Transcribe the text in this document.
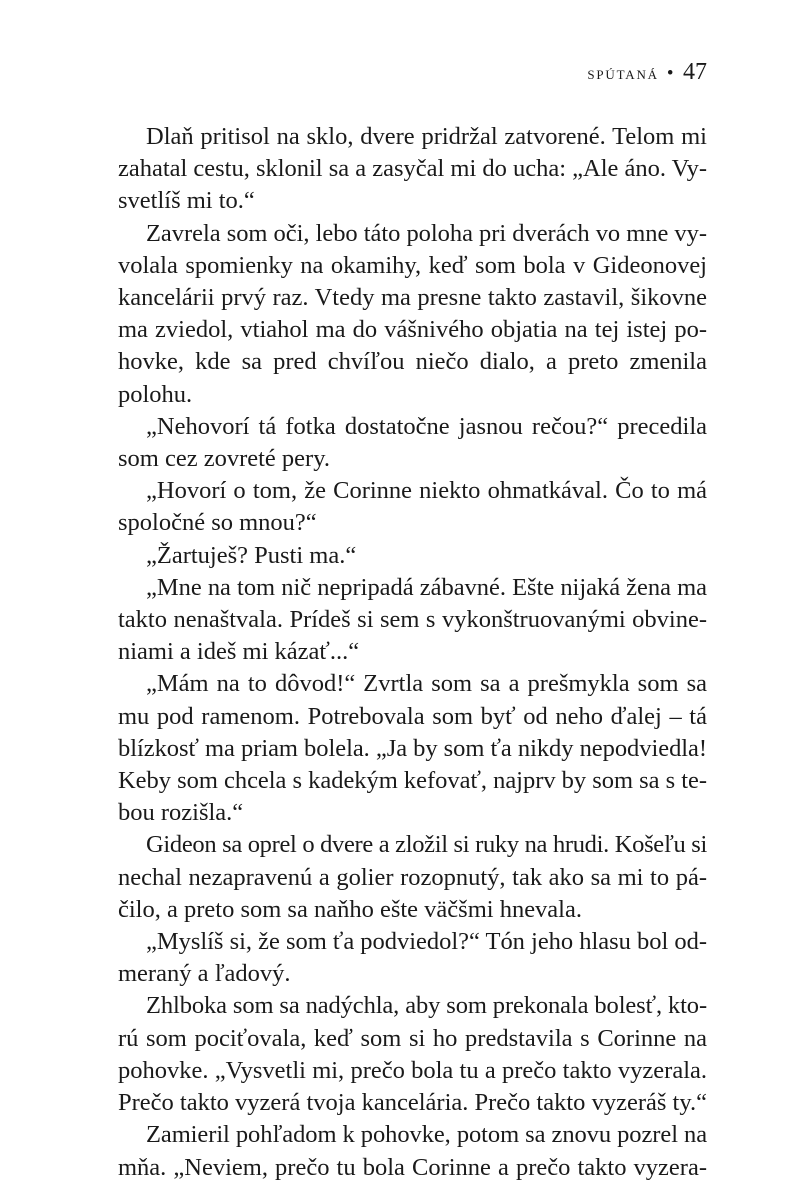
spútaná • 47

Dlaň pritisol na sklo, dvere pridržal zatvorené. Telom mi
zahatal cestu, sklonil sa a zasyčal mi do ucha: „Ale áno. Vy-
svetlíš mi to.“

Zavrela som oči, lebo táto poloha pri dverách vo mne vy-
volala spomienky na okamihy, keď som bola v Gideonovej
kancelárii prvý raz. Vtedy ma presne takto zastavil, šikovne
ma zviedol, vtiahol ma do vášnivého objatia na tej istej po-
hovke, kde sa pred chvíľou niečo dialo, a preto zmenila
polohu.

„Nehovorí tá fotka dostatočne jasnou rečou?“ precedila
som cez zovreté pery.

„Hovorí o tom, že Corinne niekto ohmatkával. Čo to má
spoločné so mnou?“

„Žartuješ? Pusti ma.“

„Mne na tom nič nepripadá zábavné. Ešte nijaká žena ma
takto nenaštvala. Prídeš si sem s vykonštruovanými obvine-
niami a ideš mi kázať...“

„Mám na to dôvod!“ Zvrtla som sa a prešmykla som sa
mu pod ramenom. Potrebovala som byť od neho ďalej – tá
blízkosť ma priam bolela. „Ja by som ťa nikdy nepodviedla!
Keby som chcela s kadekým kefovať, najprv by som sa s te-
bou rozišla.“

Gideon sa oprel o dvere a zložil si ruky na hrudi. Košeľu si
nechal nezapravenú a golier rozopnutý, tak ako sa mi to pá-
čilo, a preto som sa naňho ešte väčšmi hnevala.

„Myslíš si, že som ťa podviedol?“ Tón jeho hlasu bol od-
meraný a ľadový.

Zhlboka som sa nadýchla, aby som prekonala bolesť, kto-
rú som pociťovala, keď som si ho predstavila s Corinne na
pohovke. „Vysvetli mi, prečo bola tu a prečo takto vyzerala.
Prečo takto vyzerá tvoja kancelária. Prečo takto vyzeráš ty.“

Zamieril pohľadom k pohovke, potom sa znovu pozrel na
mňa. „Neviem, prečo tu bola Corinne a prečo takto vyzera-
